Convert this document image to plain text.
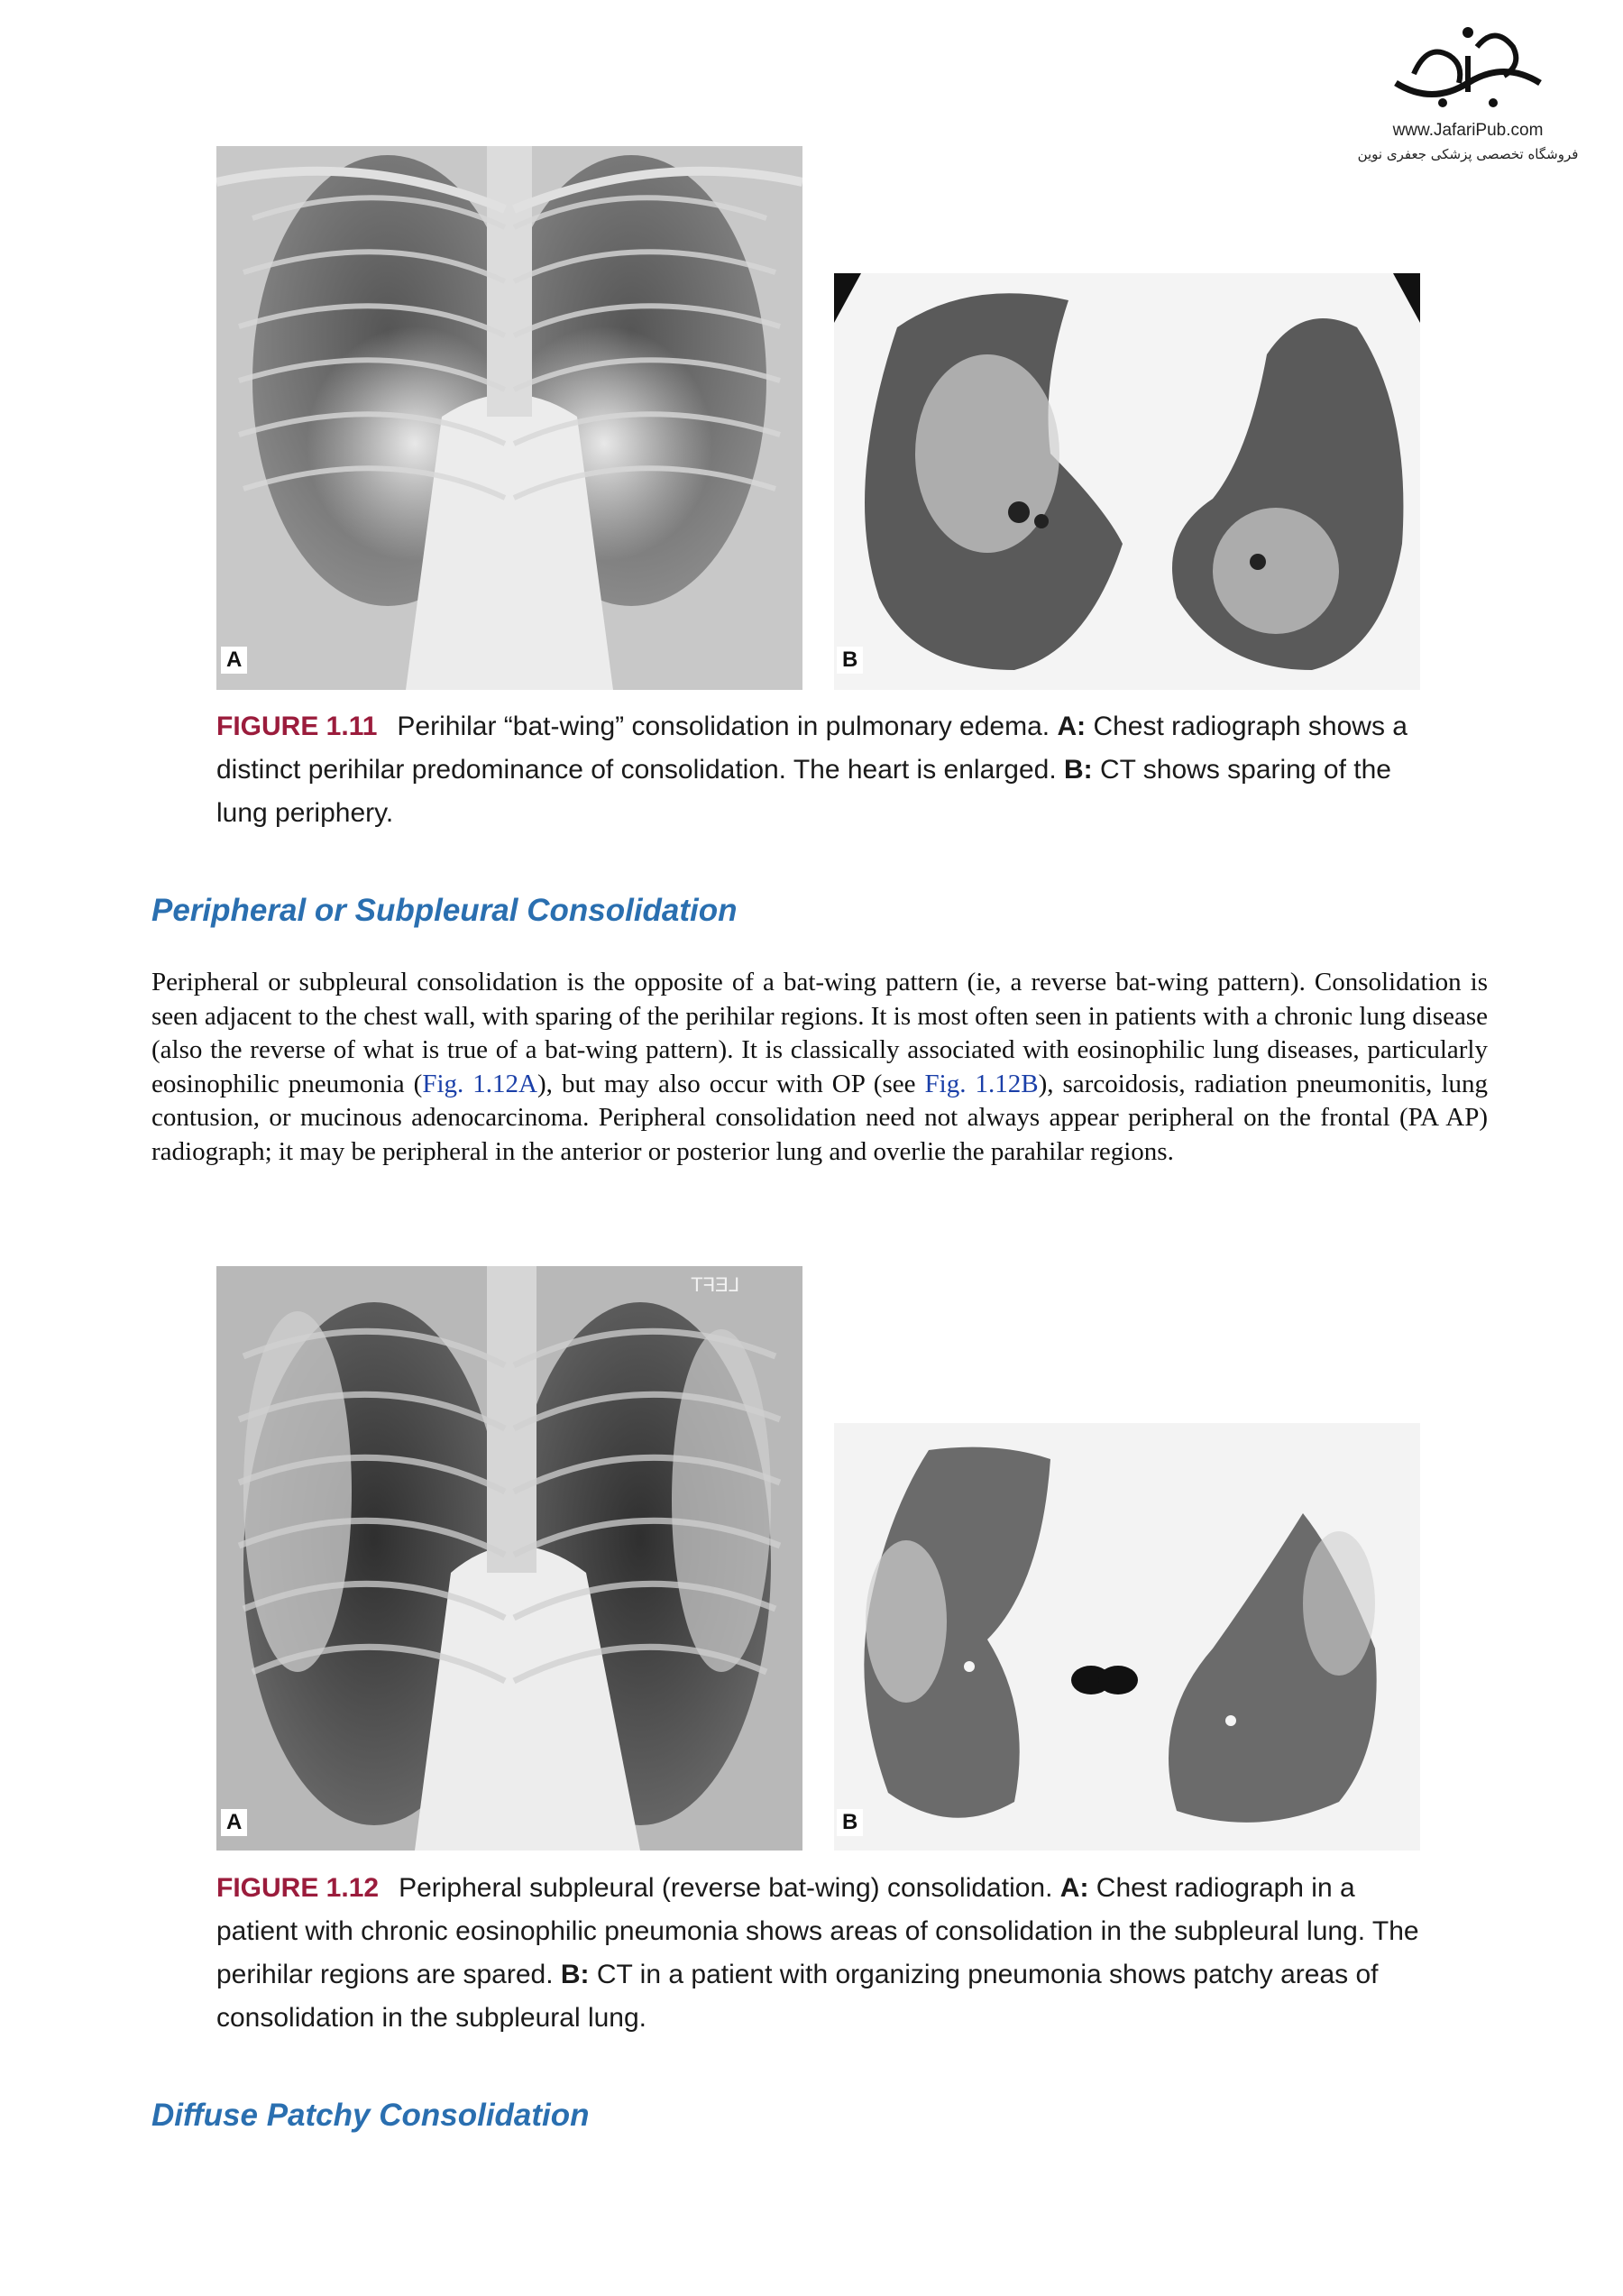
www.JafariPub.com
فروشگاه تخصصی پزشکی جعفری نوین
A	B
FIGURE 1.11 Perihilar “bat-wing” consolidation in pulmonary edema. A: Chest radiograph shows a distinct perihilar predominance of consolidation. The heart is enlarged. B: CT shows sparing of the lung periphery.
Peripheral or Subpleural Consolidation
Peripheral or subpleural consolidation is the opposite of a bat-wing pattern (ie, a reverse bat-wing pattern). Consolidation is seen adjacent to the chest wall, with sparing of the perihilar regions. It is most often seen in patients with a chronic lung disease (also the reverse of what is true of a bat-wing pattern). It is classically associated with eosinophilic lung diseases, particularly eosinophilic pneumonia (Fig. 1.12A), but may also occur with OP (see Fig. 1.12B), sarcoidosis, radiation pneumonitis, lung contusion, or mucinous adenocarcinoma. Peripheral consolidation need not always appear peripheral on the frontal (PA AP) radiograph; it may be peripheral in the anterior or posterior lung and overlie the parahilar regions.
LEFT
A	B
FIGURE 1.12 Peripheral subpleural (reverse bat-wing) consolidation. A: Chest radiograph in a patient with chronic eosinophilic pneumonia shows areas of consolidation in the subpleural lung. The perihilar regions are spared. B: CT in a patient with organizing pneumonia shows patchy areas of consolidation in the subpleural lung.
Diffuse Patchy Consolidation
